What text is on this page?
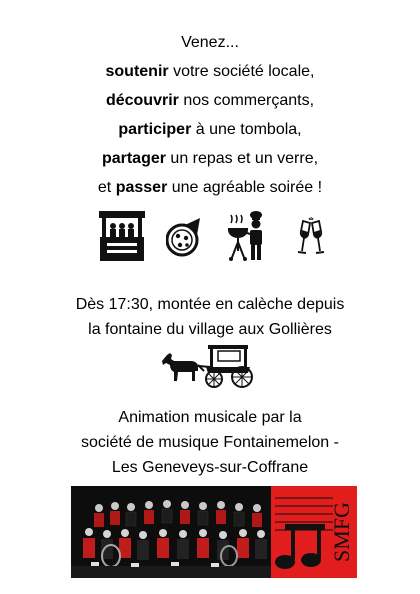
Venez...
soutenir votre société locale,
découvrir nos commerçants,
participer à une tombola,
partager un repas et un verre,
et passer une agréable soirée !
Dès 17:30, montée en calèche depuis
la fontaine du village aux Gollières
Animation musicale par la
société de musique Fontainemelon -
Les Geneveys-sur-Coffrane
SMFG
